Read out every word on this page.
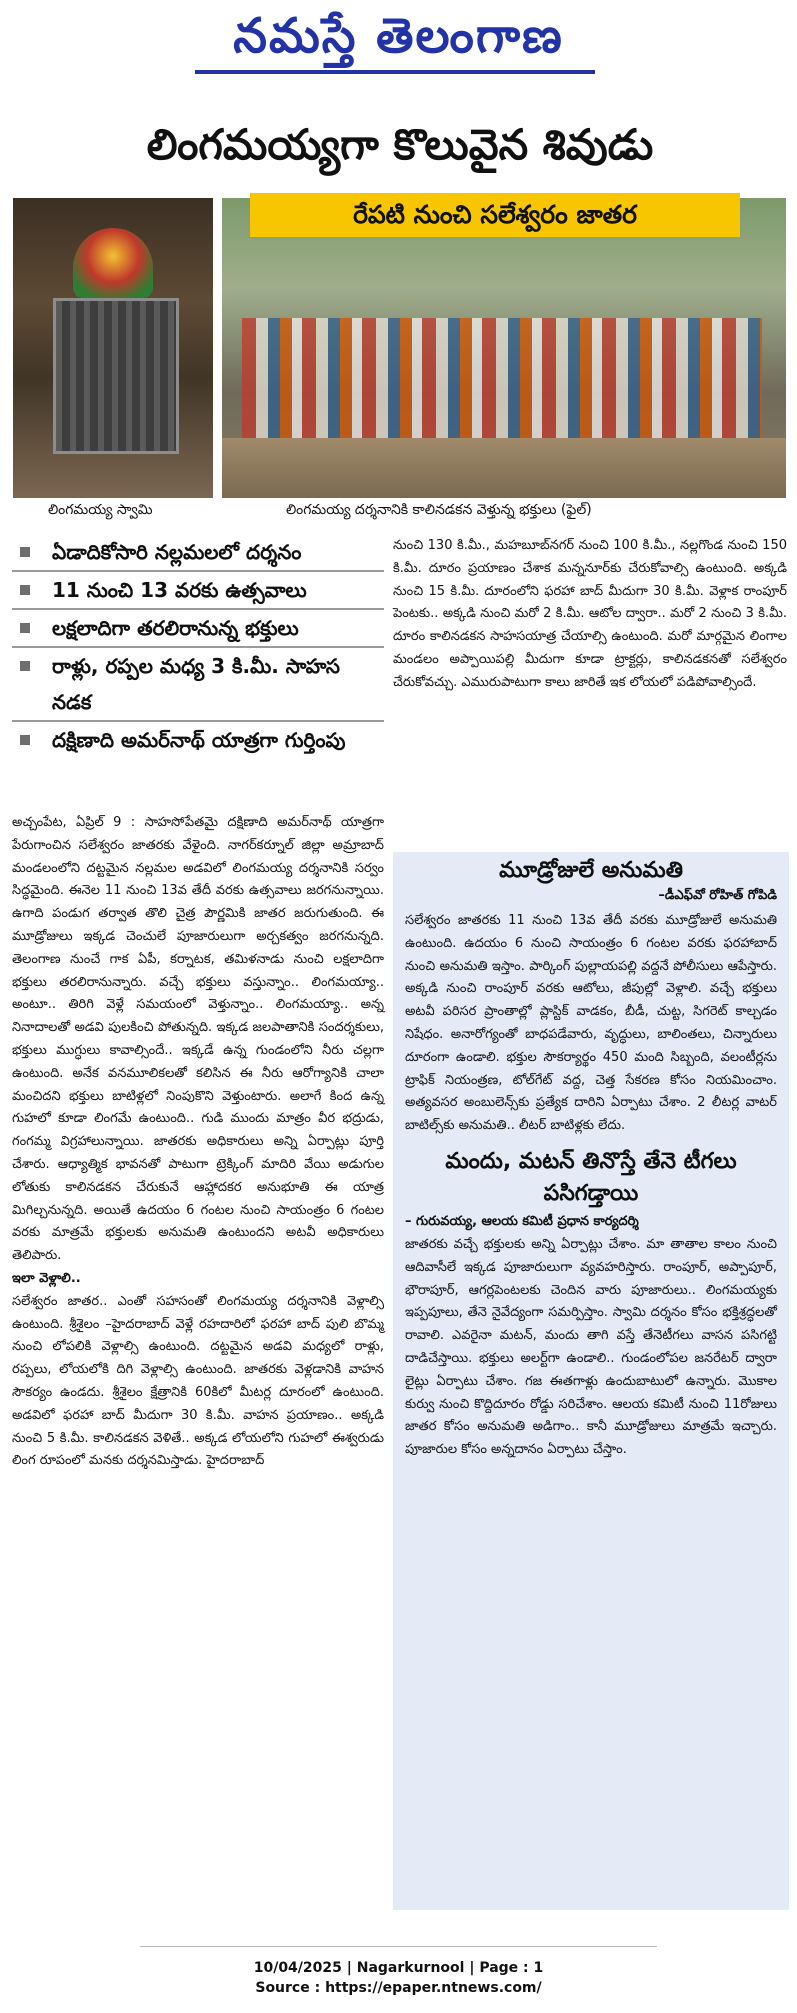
నమస్తే తెలంగాణ
లింగమయ్యగా కొలువైన శివుడు
రేపటి నుంచి సలేశ్వరం జాతర
లింగమయ్య స్వామి	లింగమయ్య దర్శనానికి కాలినడకన వెళ్తున్న భక్తులు (ఫైల్)
ఏడాదికోసారి నల్లమలలో దర్శనం
11 నుంచి 13 వరకు ఉత్సవాలు
లక్షలాదిగా తరలిరానున్న భక్తులు
రాళ్లు, రప్పల మధ్య 3 కి.మీ. సాహస నడక
దక్షిణాది అమర్‌నాథ్ యాత్రగా గుర్తింపు
అచ్చంపేట, ఏప్రిల్ 9 : సాహసోపేతమై దక్షిణాది అమర్‌నాథ్ యాత్రగా పేరుగాంచిన సలేశ్వరం జాతరకు వేళైంది. నాగర్‌కర్నూల్ జిల్లా అమ్రాబాద్ మండలంలోని దట్టమైన నల్లమల అడవిలో లింగమయ్య దర్శనానికి సర్వం సిద్ధమైంది. ఈనెల 11 నుంచి 13వ తేదీ వరకు ఉత్సవాలు జరగనున్నాయి. ఉగాది పండుగ తర్వాత తొలి చైత్ర పౌర్ణమికి జాతర జరుగుతుంది. ఈ మూడ్రోజులు ఇక్కడ చెంచులే పూజారులుగా అర్చకత్వం జరగనున్నది. తెలంగాణ నుంచే గాక ఏపీ, కర్నాటక, తమిళనాడు నుంచి లక్షలాదిగా భక్తులు తరలిరానున్నారు. వచ్చే భక్తులు వస్తున్నాం.. లింగమయ్యా.. అంటూ.. తిరిగి వెళ్లే సమయంలో వెళ్తున్నాం.. లింగమయ్యా.. అన్న నినాదాలతో అడవి పులకించి పోతున్నది. ఇక్కడ జలపాతానికి సందర్శకులు, భక్తులు ముగ్ధులు కావాల్సిందే.. ఇక్కడే ఉన్న గుండంలోని నీరు చల్లగా ఉంటుంది. అనేక వనమూలికలతో కలిసిన ఈ నీరు ఆరోగ్యానికి చాలా మంచిదని భక్తులు బాటిళ్లలో నింపుకొని వెళ్తుంటారు. అలాగే కింద ఉన్న గుహలో కూడా లింగమే ఉంటుంది.. గుడి ముందు మాత్రం వీర భద్రుడు, గంగమ్మ విగ్రహాలున్నాయి. జాతరకు అధికారులు అన్ని ఏర్పాట్లు పూర్తి చేశారు. ఆధ్యాత్మిక భావనతో పాటుగా ట్రెక్కింగ్ మాదిరి వేయి అడుగుల లోతుకు కాలినడకన చేరుకునే ఆహ్లాదకర అనుభూతి ఈ యాత్ర మిగిల్చనున్నది. అయితే ఉదయం 6 గంటల నుంచి సాయంత్రం 6 గంటల వరకు మాత్రమే భక్తులకు అనుమతి ఉంటుందని అటవీ అధికారులు తెలిపారు.
ఇలా వెళ్లాలి..
సలేశ్వరం జాతర.. ఎంతో సహసంతో లింగమయ్య దర్శనానికి వెళ్లాల్సి ఉంటుంది. శ్రీశైలం –హైదరాబాద్ వెళ్లే రహదారిలో ఫరహా బాద్ పులి బొమ్మ నుంచి లోపలికి వెళ్లాల్సి ఉంటుంది. దట్టమైన అడవి మధ్యలో రాళ్లు, రప్పలు, లోయలోకి దిగి వెళ్లాల్సి ఉంటుంది. జాతరకు వెళ్లడానికి వాహన సౌకర్యం ఉండదు. శ్రీశైలం క్షేత్రానికి 60కిలో మీటర్ల దూరంలో ఉంటుంది. అడవిలో ఫరహా బాద్ మీదుగా 30 కి.మీ. వాహన ప్రయాణం.. అక్కడి నుంచి 5 కి.మీ. కాలినడకన వెళితే.. అక్కడ లోయలోని గుహలో ఈశ్వరుడు లింగ రూపంలో మనకు దర్శనమిస్తాడు. హైదరాబాద్
నుంచి 130 కి.మీ., మహబూబ్‌నగర్ నుంచి 100 కి.మీ., నల్లగొండ నుంచి 150 కి.మీ. దూరం ప్రయాణం చేశాక మన్ననూర్‌కు చేరుకోవాల్సి ఉంటుంది. అక్కడి నుంచి 15 కి.మీ. దూరంలోని ఫరహా బాద్ మీదుగా 30 కి.మీ. వెళ్లాక రాంపూర్ పెంటకు.. అక్కడి నుంచి మరో 2 కి.మీ. ఆటోల ద్వారా.. మరో 2 నుంచి 3 కి.మీ. దూరం కాలినడకన సాహసయాత్ర చేయాల్సి ఉంటుంది. మరో మార్గమైన లింగాల మండలం అప్పాయిపల్లి మీదుగా కూడా ట్రాక్టర్లు, కాలినడకనతో సలేశ్వరం చేరుకోవచ్చు. ఎమురుపాటుగా కాలు జారితే ఇక లోయలో పడిపోవాల్సిందే.
మూడ్రోజులే అనుమతి
–డీఎఫ్‌వో రోహిత్ గోపిడి
సలేశ్వరం జాతరకు 11 నుంచి 13వ తేదీ వరకు మూడ్రోజులే అనుమతి ఉంటుంది. ఉదయం 6 నుంచి సాయంత్రం 6 గంటల వరకు ఫరహాబాద్ నుంచి అనుమతి ఇస్తాం. పార్కింగ్ పుల్లాయపల్లి వద్దనే పోలీసులు ఆపేస్తారు. అక్కడి నుంచి రాంపూర్ వరకు ఆటోలు, జీపుల్లో వెళ్లాలి. వచ్చే భక్తులు అటవీ పరిసర ప్రాంతాల్లో ప్లాస్టిక్ వాడకం, బీడీ, చుట్ట, సిగరెట్ కాల్చడం నిషేధం. అనారోగ్యంతో బాధపడేవారు, వృద్ధులు, బాలింతలు, చిన్నారులు దూరంగా ఉండాలి. భక్తుల సౌకర్యార్థం 450 మంది సిబ్బంది, వలంటీర్లను ట్రాఫిక్ నియంత్రణ, టోల్‌గేట్ వద్ద, చెత్త సేకరణ కోసం నియమించాం. అత్యవసర అంబులెన్స్‌కు ప్రత్యేక దారిని ఏర్పాటు చేశాం. 2 లీటర్ల వాటర్ బాటిల్స్‌కు అనుమతి.. లీటర్ బాటిళ్లకు లేదు.
మందు, మటన్ తినొస్తే తేనె టీగలు పసిగడ్తాయి
– గురువయ్య, ఆలయ కమిటీ ప్రధాన కార్యదర్శి
జాతరకు వచ్చే భక్తులకు అన్ని ఏర్పాట్లు చేశాం. మా తాతాల కాలం నుంచి ఆదివాసీలే ఇక్కడ పూజారులుగా వ్యవహరిస్తారు. రాంపూర్, అప్పాపూర్, భౌరాపూర్, ఆగర్లపెంటలకు చెందిన వారు పూజారులు.. లింగమయ్యకు ఇప్పపూలు, తేనె నైవేద్యంగా సమర్పిస్తాం. స్వామి దర్శనం కోసం భక్తిశ్రద్ధలతో రావాలి. ఎవరైనా మటన్, మందు తాగి వస్తే తేనెటీగలు వాసన పసిగట్టి దాడిచేస్తాయి. భక్తులు అలర్ట్‌గా ఉండాలి.. గుండంలోపల జనరేటర్ ద్వారా లైట్లు ఏర్పాటు చేశాం. గజ ఈతగాళ్లు ఉందుబాటులో ఉన్నారు. మొకాల కుర్వు నుంచి కొద్దిదూరం రోడ్డు సరిచేశాం. ఆలయ కమిటీ నుంచి 11రోజులు జాతర కోసం అనుమతి అడిగాం.. కానీ మూడ్రోజులు మాత్రమే ఇచ్చారు. పూజారుల కోసం అన్నదానం ఏర్పాటు చేస్తాం.
10/04/2025 | Nagarkurnool | Page : 1
Source : https://epaper.ntnews.com/
